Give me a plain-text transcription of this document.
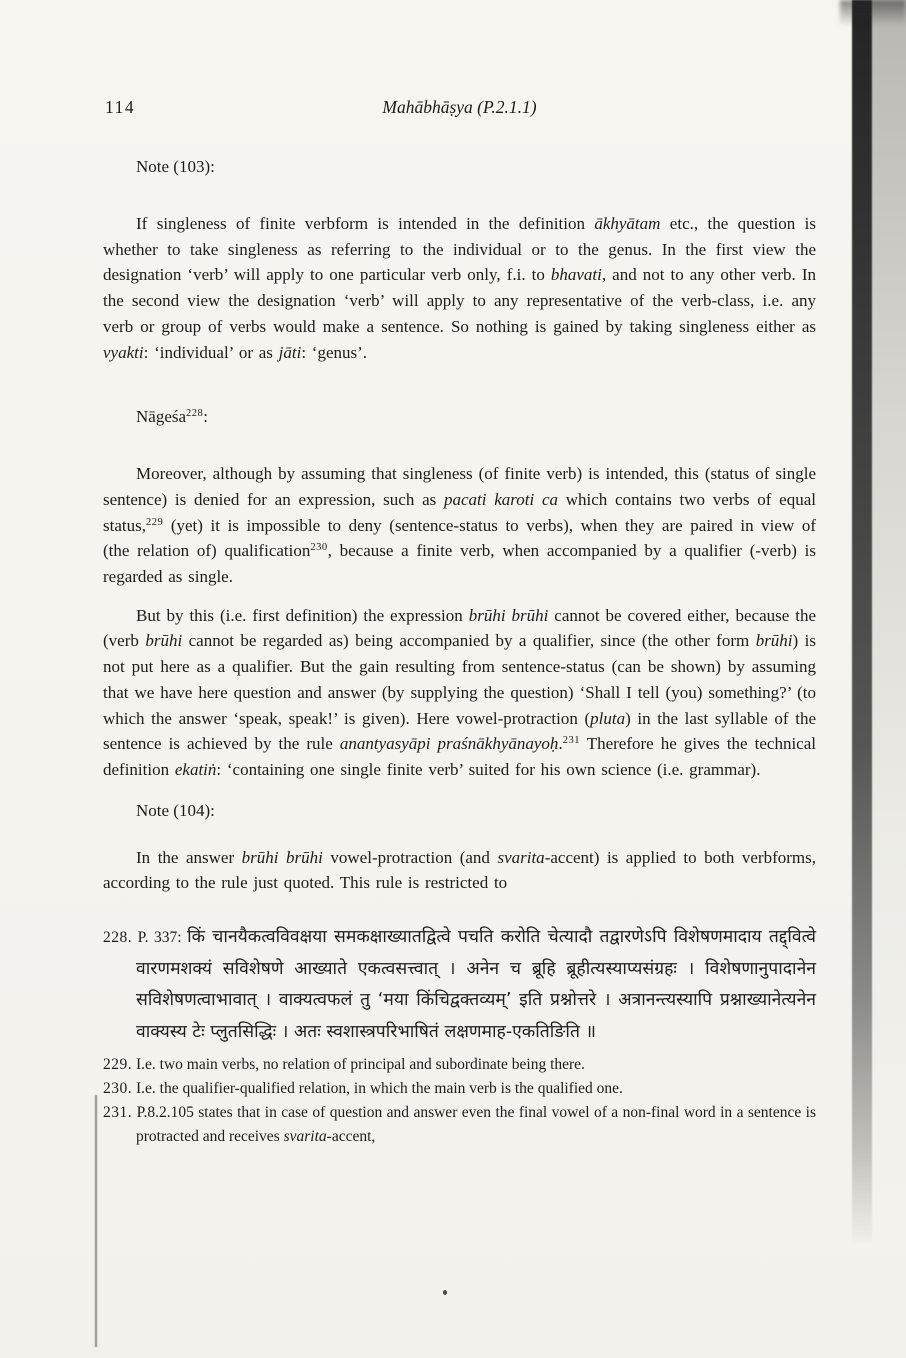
114	Mahābhāṣya (P.2.1.1)
Note (103):

If singleness of finite verbform is intended in the definition ākhyātam etc., the question is whether to take singleness as referring to the individual or to the genus. In the first view the designation ‘verb’ will apply to one particular verb only, f.i. to bhavati, and not to any other verb. In the second view the designation ‘verb’ will apply to any representative of the verb-class, i.e. any verb or group of verbs would make a sentence. So nothing is gained by taking singleness either as vyakti: ‘individual’ or as jāti: ‘genus’.

Nāgeśa$^{228}$:

Moreover, although by assuming that singleness (of finite verb) is intended, this (status of single sentence) is denied for an expression, such as pacati karoti ca which contains two verbs of equal status,$^{229}$ (yet) it is impossible to deny (sentence-status to verbs), when they are paired in view of (the relation of) qualification$^{230}$, because a finite verb, when accompanied by a qualifier (-verb) is regarded as single.

But by this (i.e. first definition) the expression brūhi brūhi cannot be covered either, because the (verb brūhi cannot be regarded as) being accompanied by a qualifier, since (the other form brūhi) is not put here as a qualifier. But the gain resulting from sentence-status (can be shown) by assuming that we have here question and answer (by supplying the question) ‘Shall I tell (you) something?’ (to which the answer ‘speak, speak!’ is given). Here vowel-protraction (pluta) in the last syllable of the sentence is achieved by the rule anantyasyāpi praśnākhyānayoḥ.$^{231}$ Therefore he gives the technical definition ekatiṅ: ‘containing one single finite verb’ suited for his own science (i.e. grammar).

Note (104):

In the answer brūhi brūhi vowel-protraction (and svarita-accent) is applied to both verbforms, according to the rule just quoted. This rule is restricted to

228. P. 337: किं चानयैकत्वविवक्षया समकक्षाख्यातद्वित्वे पचति करोति चेत्यादौ तद्वारणेऽपि विशेषणमादाय तद्द्वित्वे वारणमशक्यं सविशेषणे आख्याते एकत्वसत्त्वात् । अनेन च ब्रूहि ब्रूहीत्यस्याप्यसंग्रहः । विशेषणानुपादानेन सविशेषणत्वाभावात् । वाक्यत्वफलं तु ‘मया किंचिद्वक्तव्यम्’ इति प्रश्नोत्तरे । अत्रानन्त्यस्यापि प्रश्नाख्यानेत्यनेन वाक्यस्य टेः प्लुतसिद्धिः । अतः स्वशास्त्रपरिभाषितं लक्षणमाह-एकतिङिति ॥
229. I.e. two main verbs, no relation of principal and subordinate being there.
230. I.e. the qualifier-qualified relation, in which the main verb is the qualified one.
231. P.8.2.105 states that in case of question and answer even the final vowel of a non-final word in a sentence is protracted and receives svarita-accent,
